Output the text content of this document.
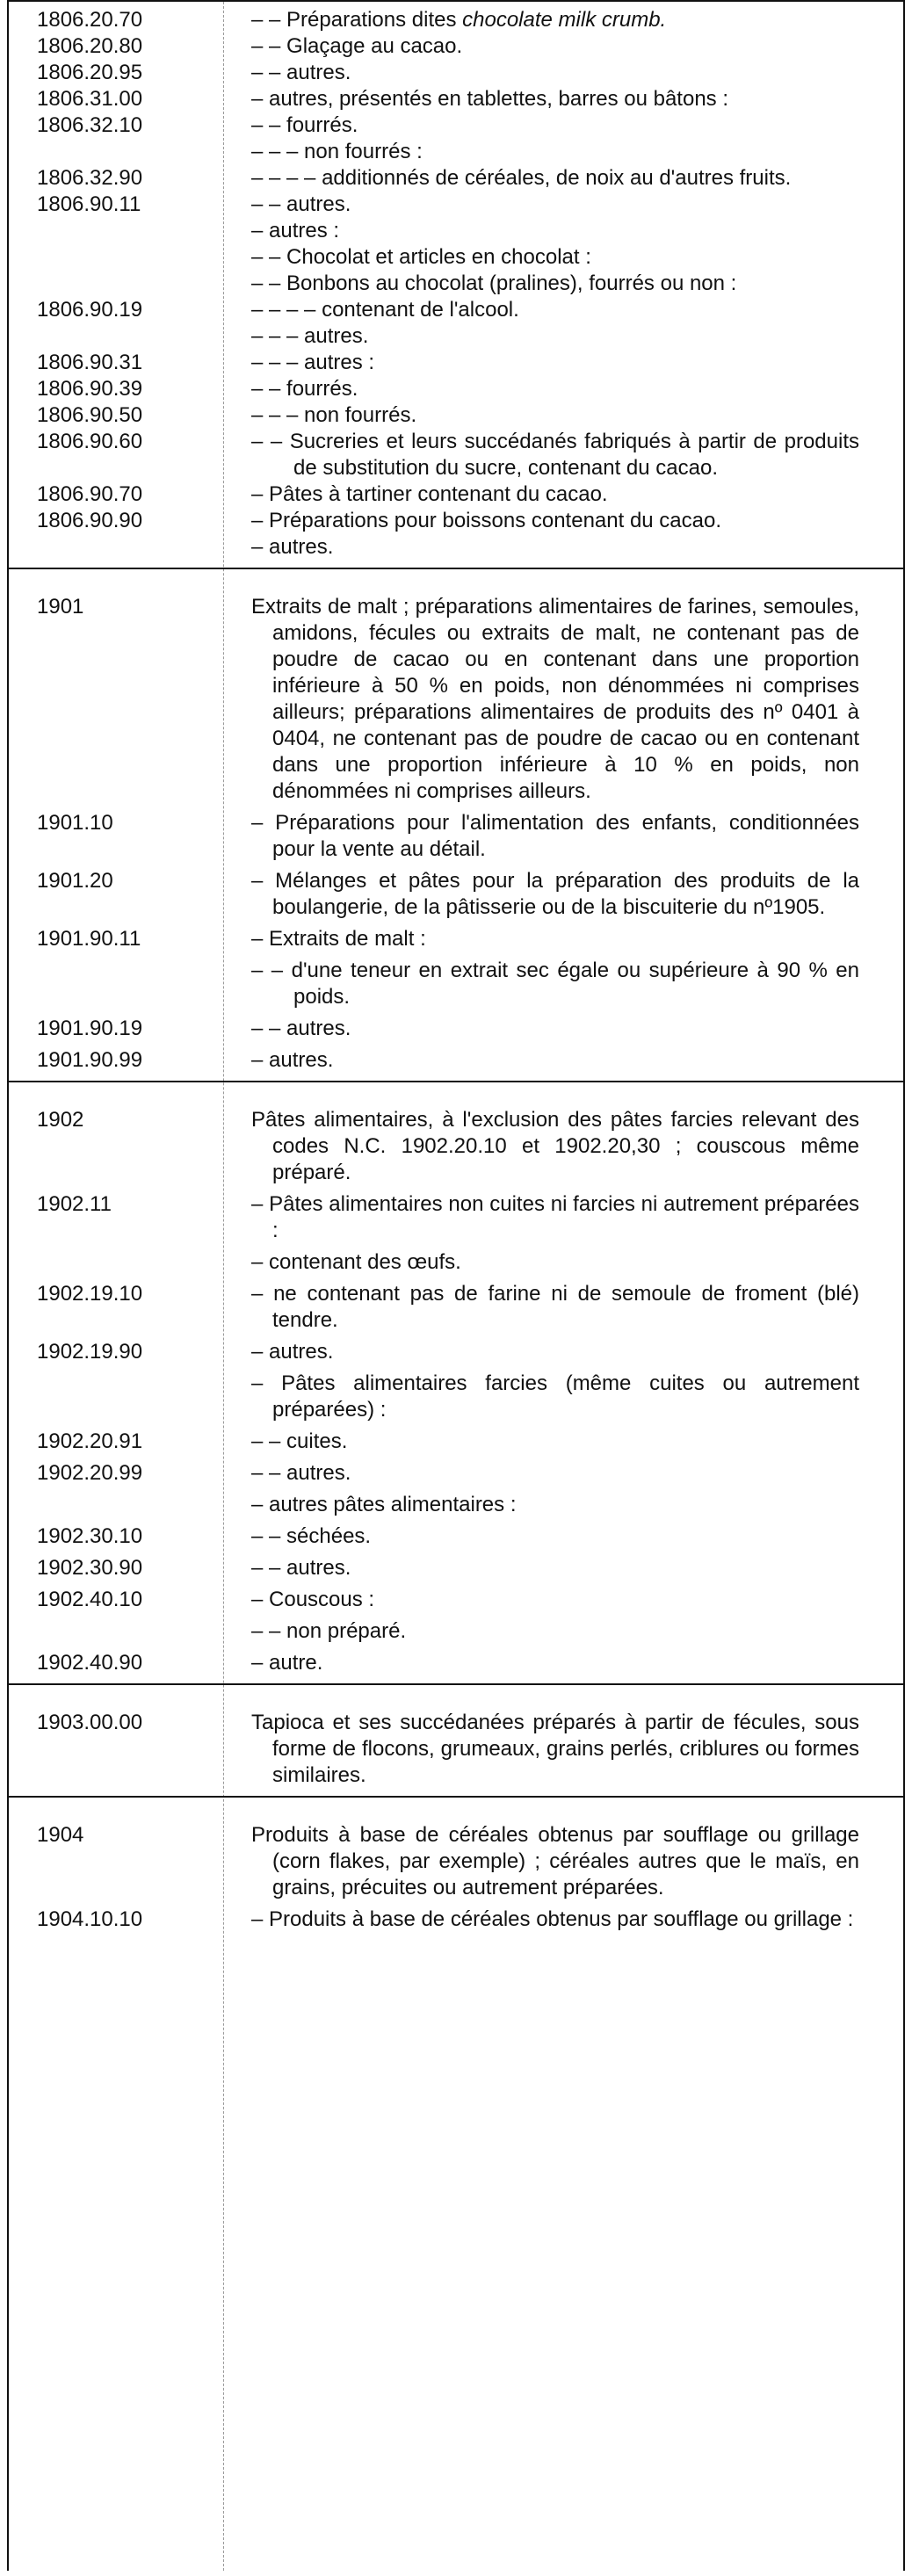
1806.20.70	– – Préparations dites chocolate milk crumb.
1806.20.80	– – Glaçage au cacao.
1806.20.95	– – autres.
1806.31.00	– autres, présentés en tablettes, barres ou bâtons :
1806.32.10	– – fourrés.
– – – non fourrés :
1806.32.90	– – – – additionnés de céréales, de noix au d'autres fruits.
1806.90.11	– – autres.
– autres :
– – Chocolat et articles en chocolat :
– – Bonbons au chocolat (pralines), fourrés ou non :
1806.90.19	– – – – contenant de l'alcool.
– – – autres.
1806.90.31	– – – autres :
1806.90.39	– – fourrés.
1806.90.50	– – – non fourrés.
1806.90.60	– – Sucreries et leurs succédanés fabriqués à partir de produits de substitution du sucre, contenant du cacao.
1806.90.70	– Pâtes à tartiner contenant du cacao.
1806.90.90	– Préparations pour boissons contenant du cacao.
– autres.
1901	Extraits de malt ; préparations alimentaires de farines, semoules, amidons, fécules ou extraits de malt, ne contenant pas de poudre de cacao ou en contenant dans une proportion inférieure à 50 % en poids, non dénommées ni comprises ailleurs; préparations alimentaires de produits des nº 0401 à 0404, ne contenant pas de poudre de cacao ou en contenant dans une proportion inférieure à 10 % en poids, non dénommées ni comprises ailleurs.
1901.10	– Préparations pour l'alimentation des enfants, conditionnées pour la vente au détail.
1901.20	– Mélanges et pâtes pour la préparation des produits de la boulangerie, de la pâtisserie ou de la biscuiterie du nº1905.
1901.90.11	– Extraits de malt :
– – d'une teneur en extrait sec égale ou supérieure à 90 % en poids.
1901.90.19	– – autres.
1901.90.99	– autres.
1902	Pâtes alimentaires, à l'exclusion des pâtes farcies relevant des codes N.C. 1902.20.10 et 1902.20,30 ; couscous même préparé.
1902.11	– Pâtes alimentaires non cuites ni farcies ni autrement préparées :
– contenant des œufs.
1902.19.10	– ne contenant pas de farine ni de semoule de froment (blé) tendre.
1902.19.90	– autres.
– Pâtes alimentaires farcies (même cuites ou autrement préparées) :
1902.20.91	– – cuites.
1902.20.99	– – autres.
– autres pâtes alimentaires :
1902.30.10	– – séchées.
1902.30.90	– – autres.
1902.40.10	– Couscous :
– – non préparé.
1902.40.90	– autre.
1903.00.00	Tapioca et ses succédanées préparés à partir de fécules, sous forme de flocons, grumeaux, grains perlés, criblures ou formes similaires.
1904	Produits à base de céréales obtenus par soufflage ou grillage (corn flakes, par exemple) ; céréales autres que le maïs, en grains, précuites ou autrement préparées.
1904.10.10	– Produits à base de céréales obtenus par soufflage ou grillage :
